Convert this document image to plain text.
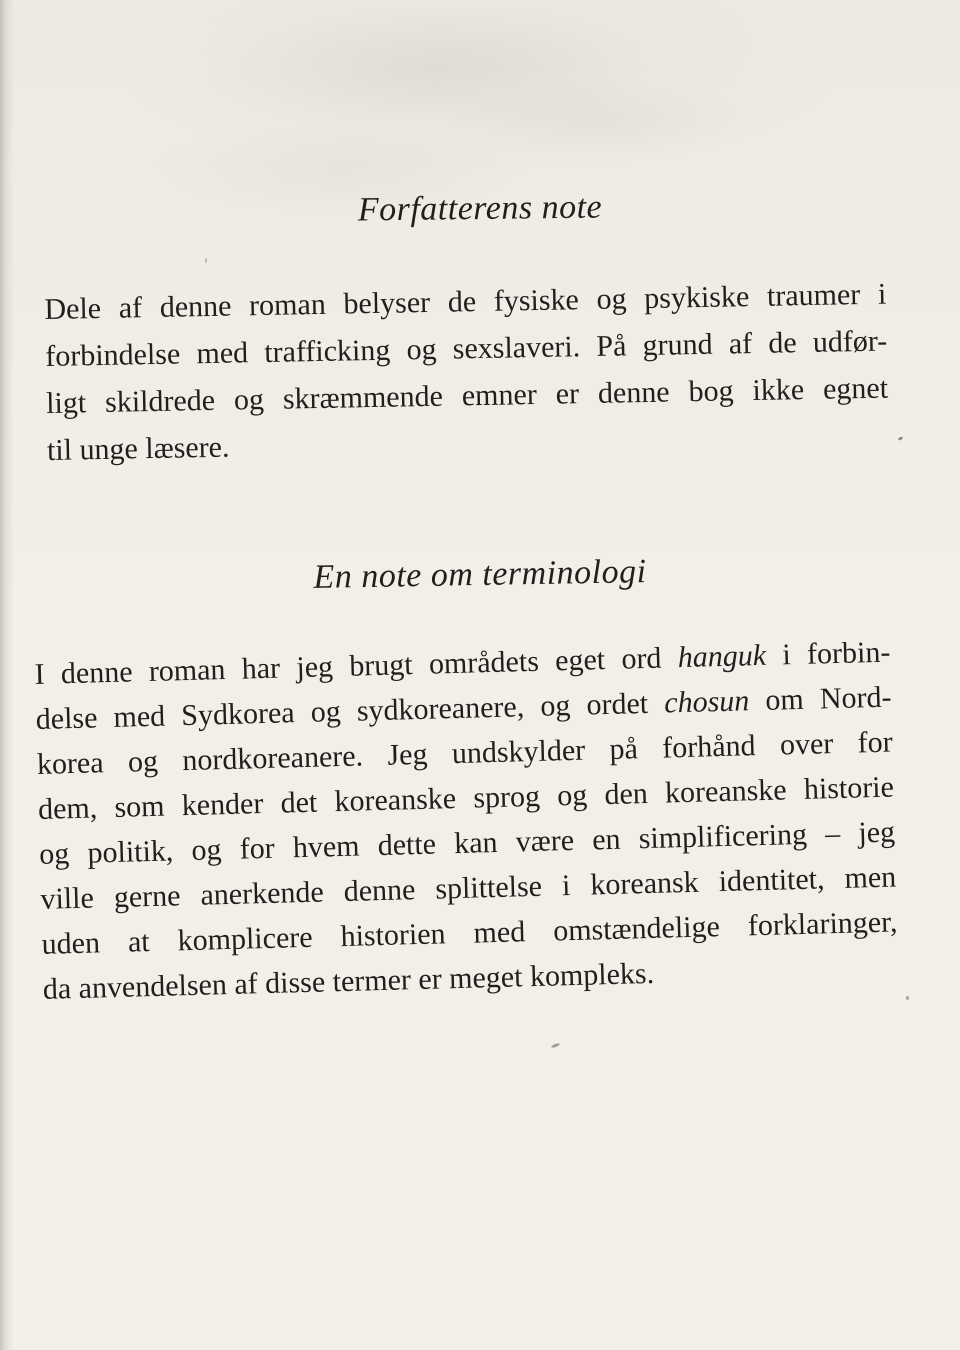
Forfatterens note
Dele af denne roman belyser de fysiske og psykiske traumer i
forbindelse med trafficking og sexslaveri. På grund af de udfør-
ligt skildrede og skræmmende emner er denne bog ikke egnet
til unge læsere.
En note om terminologi
I denne roman har jeg brugt områdets eget ord hanguk i forbin-
delse med Sydkorea og sydkoreanere, og ordet chosun om Nord-
korea og nordkoreanere. Jeg undskylder på forhånd over for
dem, som kender det koreanske sprog og den koreanske historie
og politik, og for hvem dette kan være en simplificering – jeg
ville gerne anerkende denne splittelse i koreansk identitet, men
uden at komplicere historien med omstændelige forklaringer,
da anvendelsen af disse termer er meget kompleks.
